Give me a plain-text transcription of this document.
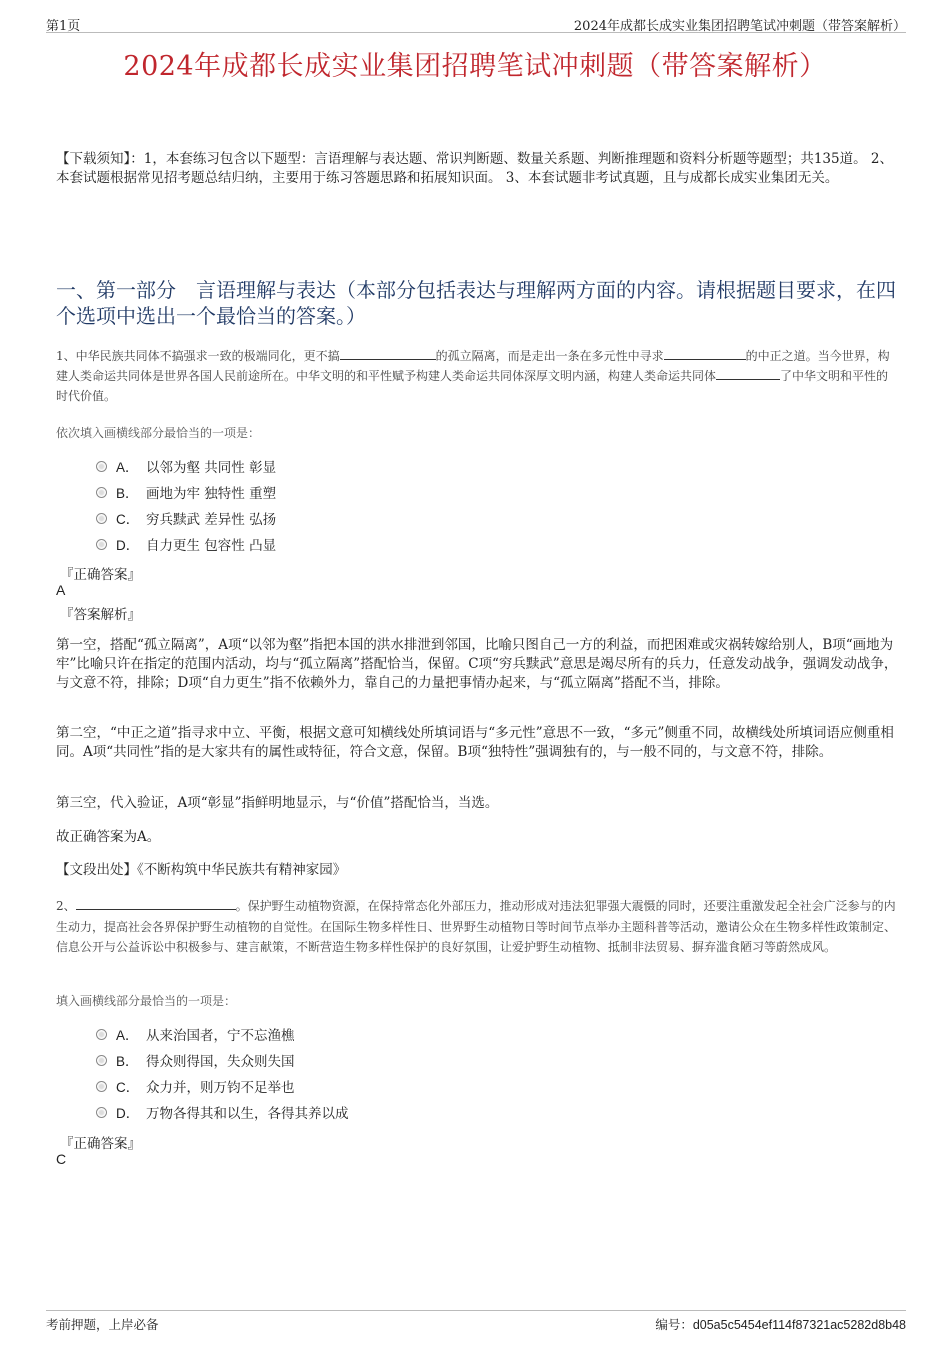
第1页	2024年成都长成实业集团招聘笔试冲刺题（带答案解析）
2024年成都长成实业集团招聘笔试冲刺题（带答案解析）
【下载须知】：1，本套练习包含以下题型：言语理解与表达题、常识判断题、数量关系题、判断推理题和资料分析题等题型；共135道。 2、本套试题根据常见招考题总结归纳，主要用于练习答题思路和拓展知识面。 3、本套试题非考试真题，且与成都长成实业集团无关。
一、第一部分　言语理解与表达（本部分包括表达与理解两方面的内容。请根据题目要求，在四个选项中选出一个最恰当的答案。）
1、中华民族共同体不搞强求一致的极端同化，更不搞	的孤立隔离，而是走出一条在多元性中寻求	的中正之道。当今世界，构建人类命运共同体是世界各国人民前途所在。中华文明的和平性赋予构建人类命运共同体深厚文明内涵，构建人类命运共同体	了中华文明和平性的时代价值。
依次填入画横线部分最恰当的一项是：
A． 以邻为壑 共同性 彰显
B． 画地为牢 独特性 重塑
C． 穷兵黩武 差异性 弘扬
D． 自力更生 包容性 凸显
『正确答案』
A
『答案解析』
第一空，搭配“孤立隔离”，A项“以邻为壑”指把本国的洪水排泄到邻国，比喻只图自己一方的利益，而把困难或灾祸转嫁给别人，B项“画地为牢”比喻只许在指定的范围内活动，均与“孤立隔离”搭配恰当，保留。C项“穷兵黩武”意思是竭尽所有的兵力，任意发动战争，强调发动战争，与文意不符，排除；D项“自力更生”指不依赖外力，靠自己的力量把事情办起来，与“孤立隔离”搭配不当，排除。
第二空，“中正之道”指寻求中立、平衡，根据文意可知横线处所填词语与“多元性”意思不一致，“多元”侧重不同，故横线处所填词语应侧重相同。A项“共同性”指的是大家共有的属性或特征，符合文意，保留。B项“独特性”强调独有的，与一般不同的，与文意不符，排除。
第三空，代入验证，A项“彰显”指鲜明地显示，与“价值”搭配恰当，当选。
故正确答案为A。
【文段出处】《不断构筑中华民族共有精神家园》
2、	。保护野生动植物资源，在保持常态化外部压力，推动形成对违法犯罪强大震慑的同时，还要注重激发起全社会广泛参与的内生动力，提高社会各界保护野生动植物的自觉性。在国际生物多样性日、世界野生动植物日等时间节点举办主题科普等活动，邀请公众在生物多样性政策制定、信息公开与公益诉讼中积极参与、建言献策，不断营造生物多样性保护的良好氛围，让爱护野生动植物、抵制非法贸易、摒弃滥食陋习等蔚然成风。
填入画横线部分最恰当的一项是：
A． 从来治国者，宁不忘渔樵
B． 得众则得国，失众则失国
C． 众力并，则万钧不足举也
D． 万物各得其和以生，各得其养以成
『正确答案』
C
考前押题，上岸必备	编号：d05a5c5454ef114f87321ac5282d8b48
